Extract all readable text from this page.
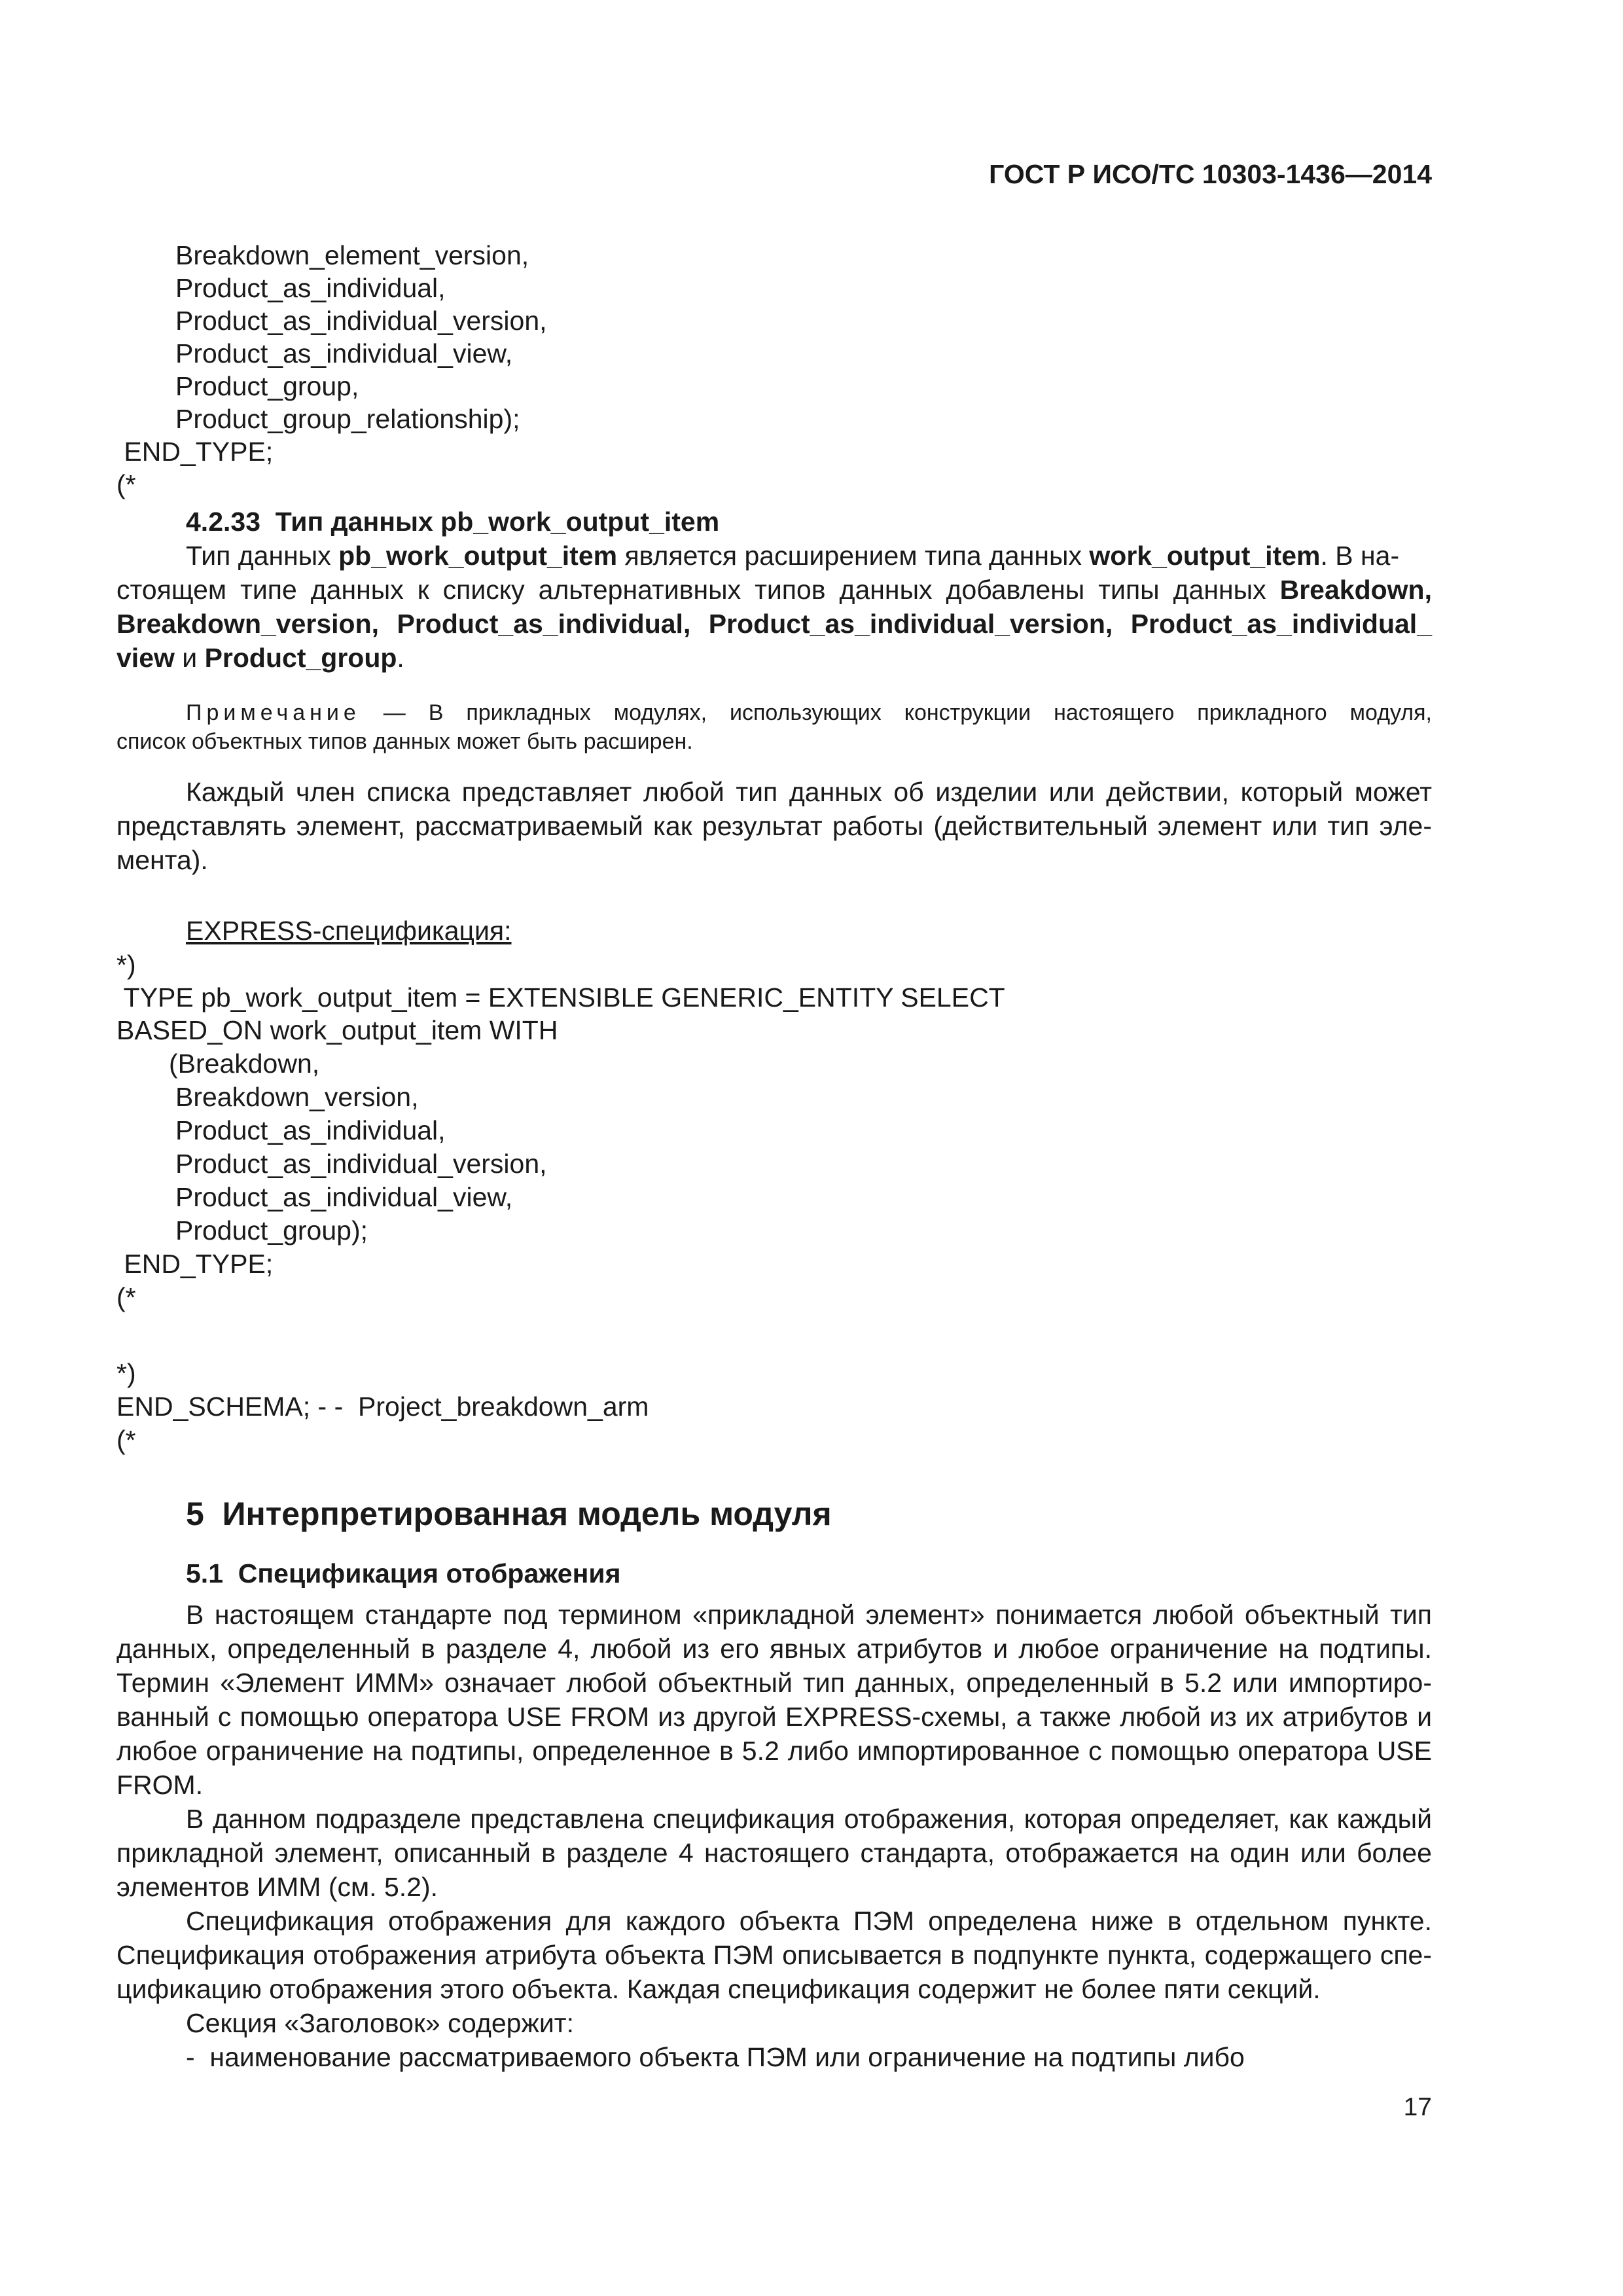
ГОСТ Р ИСО/ТС 10303-1436—2014
Breakdown_element_version,
Product_as_individual,
Product_as_individual_version,
Product_as_individual_view,
Product_group,
Product_group_relationship);
END_TYPE;
(*
4.2.33  Тип данных pb_work_output_item
Тип данных pb_work_output_item является расширением типа данных work_output_item. В на-
стоящем типе данных к списку альтернативных типов данных добавлены типы данных Breakdown,
Breakdown_version, Product_as_individual, Product_as_individual_version, Product_as_individual_
view и Product_group.
Примечание — В прикладных модулях, использующих конструкции настоящего прикладного модуля,
список объектных типов данных может быть расширен.
Каждый член списка представляет любой тип данных об изделии или действии, который может
представлять элемент, рассматриваемый как результат работы (действительный элемент или тип эле-
мента).
EXPRESS-спецификация:
*)
TYPE pb_work_output_item = EXTENSIBLE GENERIC_ENTITY SELECT
BASED_ON work_output_item WITH
(Breakdown,
Breakdown_version,
Product_as_individual,
Product_as_individual_version,
Product_as_individual_view,
Product_group);
END_TYPE;
(*
*)
END_SCHEMA; - -  Project_breakdown_arm
(*
5  Интерпретированная модель модуля
5.1  Спецификация отображения
В настоящем стандарте под термином «прикладной элемент» понимается любой объектный тип
данных, определенный в разделе 4, любой из его явных атрибутов и любое ограничение на подтипы.
Термин «Элемент ИММ» означает любой объектный тип данных, определенный в 5.2 или импортиро-
ванный с помощью оператора USE FROM из другой EXPRESS-схемы, а также любой из их атрибутов и
любое ограничение на подтипы, определенное в 5.2 либо импортированное с помощью оператора USE
FROM.
В данном подразделе представлена спецификация отображения, которая определяет, как каждый
прикладной элемент, описанный в разделе 4 настоящего стандарта, отображается на один или более
элементов ИММ (см. 5.2).
Спецификация отображения для каждого объекта ПЭМ определена ниже в отдельном пункте.
Спецификация отображения атрибута объекта ПЭМ описывается в подпункте пункта, содержащего спе-
цификацию отображения этого объекта. Каждая спецификация содержит не более пяти секций.
Секция «Заголовок» содержит:
-  наименование рассматриваемого объекта ПЭМ или ограничение на подтипы либо
17
